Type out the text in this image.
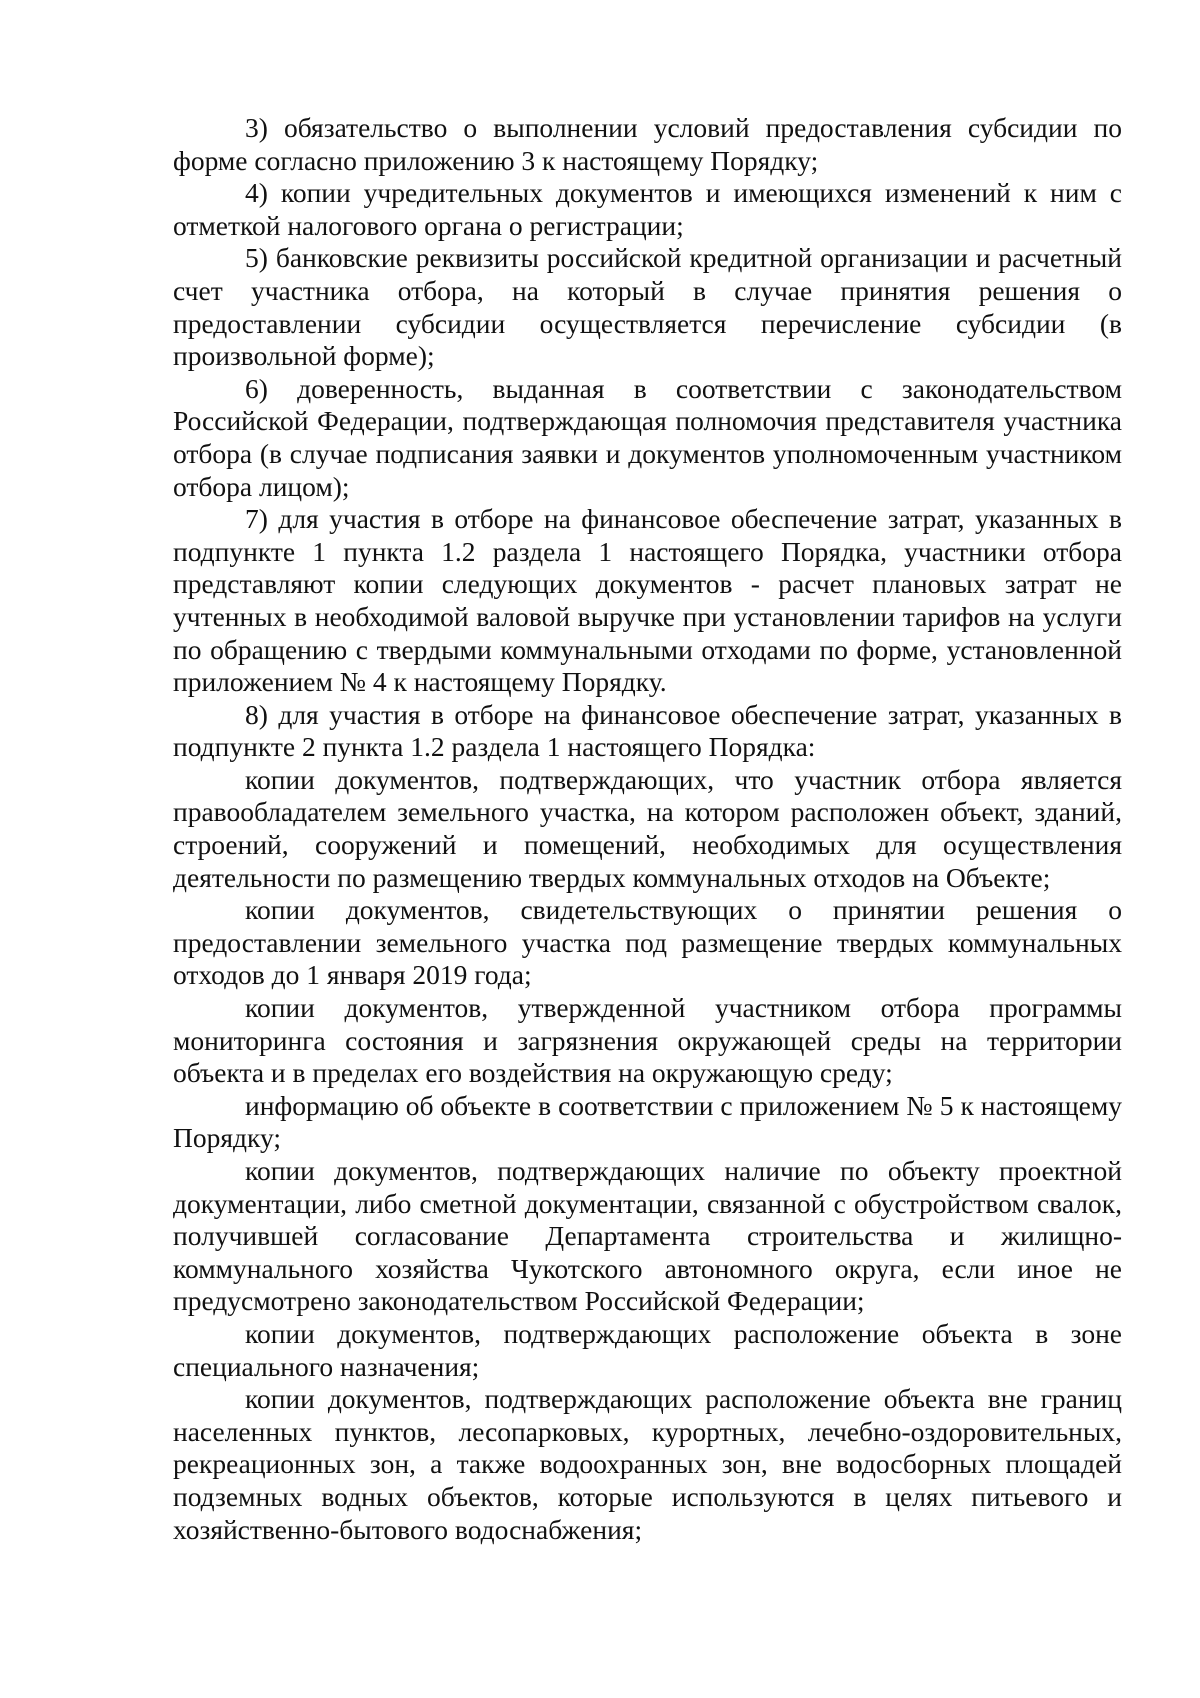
3) обязательство о выполнении условий предоставления субсидии по форме согласно приложению 3 к настоящему Порядку;

4) копии учредительных документов и имеющихся изменений к ним с отметкой налогового органа о регистрации;

5) банковские реквизиты российской кредитной организации и расчетный счет участника отбора, на который в случае принятия решения о предоставлении субсидии осуществляется перечисление субсидии (в произвольной форме);

6) доверенность, выданная в соответствии с законодательством Российской Федерации, подтверждающая полномочия представителя участника отбора (в случае подписания заявки и документов уполномоченным участником отбора лицом);

7) для участия в отборе на финансовое обеспечение затрат, указанных в подпункте 1 пункта 1.2 раздела 1 настоящего Порядка, участники отбора представляют копии следующих документов - расчет плановых затрат не учтенных в необходимой валовой выручке при установлении тарифов на услуги по обращению с твердыми коммунальными отходами по форме, установленной приложением № 4 к настоящему Порядку.

8) для участия в отборе на финансовое обеспечение затрат, указанных в подпункте 2 пункта 1.2 раздела 1 настоящего Порядка:

копии документов, подтверждающих, что участник отбора является правообладателем земельного участка, на котором расположен объект, зданий, строений, сооружений и помещений, необходимых для осуществления деятельности по размещению твердых коммунальных отходов на Объекте;

копии документов, свидетельствующих о принятии решения о предоставлении земельного участка под размещение твердых коммунальных отходов до 1 января 2019 года;

копии документов, утвержденной участником отбора программы мониторинга состояния и загрязнения окружающей среды на территории объекта и в пределах его воздействия на окружающую среду;

информацию об объекте в соответствии с приложением № 5 к настоящему Порядку;

копии документов, подтверждающих наличие по объекту проектной документации, либо сметной документации, связанной с обустройством свалок, получившей согласование Департамента строительства и жилищно-коммунального хозяйства Чукотского автономного округа, если иное не предусмотрено законодательством Российской Федерации;

копии документов, подтверждающих расположение объекта в зоне специального назначения;

копии документов, подтверждающих расположение объекта вне границ населенных пунктов, лесопарковых, курортных, лечебно-оздоровительных, рекреационных зон, а также водоохранных зон, вне водосборных площадей подземных водных объектов, которые используются в целях питьевого и хозяйственно-бытового водоснабжения;
